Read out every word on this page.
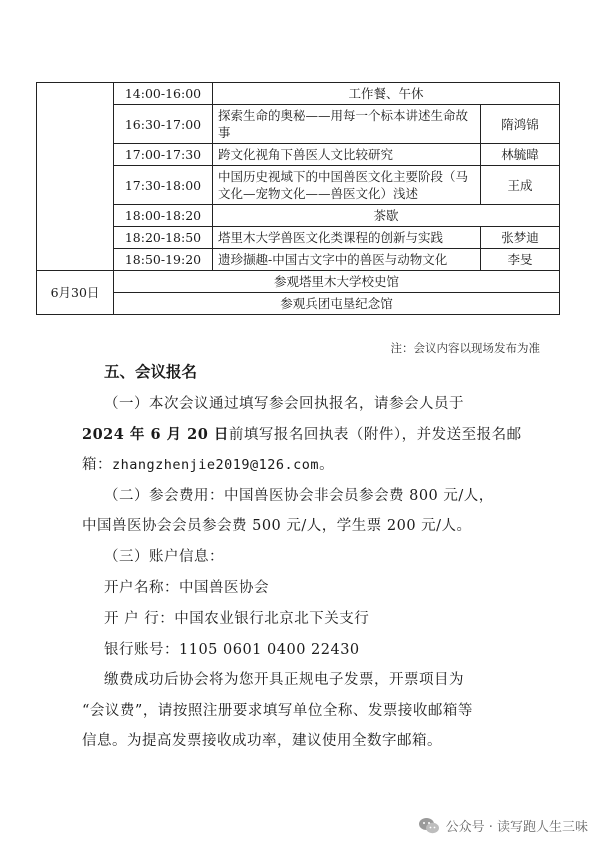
	14:00-16:00	工作餐、午休	
	16:30-17:00	探索生命的奥秘——用每一个标本讲述生命故事	隋鸿锦
	17:00-17:30	跨文化视角下兽医人文比较研究	林毓暐
	17:30-18:00	中国历史视域下的中国兽医文化主要阶段（马文化—宠物文化——兽医文化）浅述	王成
	18:00-18:20	茶歇	
	18:20-18:50	塔里木大学兽医文化类课程的创新与实践	张梦迪
	18:50-19:20	遗珍撷趣-中国古文字中的兽医与动物文化	李旻
6月30日	参观塔里木大学校史馆		
	参观兵团屯垦纪念馆		
注：会议内容以现场发布为准
五、会议报名
（一）本次会议通过填写参会回执报名，请参会人员于
2024 年 6 月 20 日前填写报名回执表（附件），并发送至报名邮
箱：zhangzhenjie2019@126.com。
（二）参会费用：中国兽医协会非会员参会费 800 元/人，
中国兽医协会会员参会费 500 元/人，学生票 200 元/人。
（三）账户信息：
开户名称：中国兽医协会
开 户 行：中国农业银行北京北下关支行
银行账号：1105 0601 0400 22430
缴费成功后协会将为您开具正规电子发票，开票项目为
“会议费”，请按照注册要求填写单位全称、发票接收邮箱等
信息。为提高发票接收成功率，建议使用全数字邮箱。
公众号 · 读写跑人生三味
